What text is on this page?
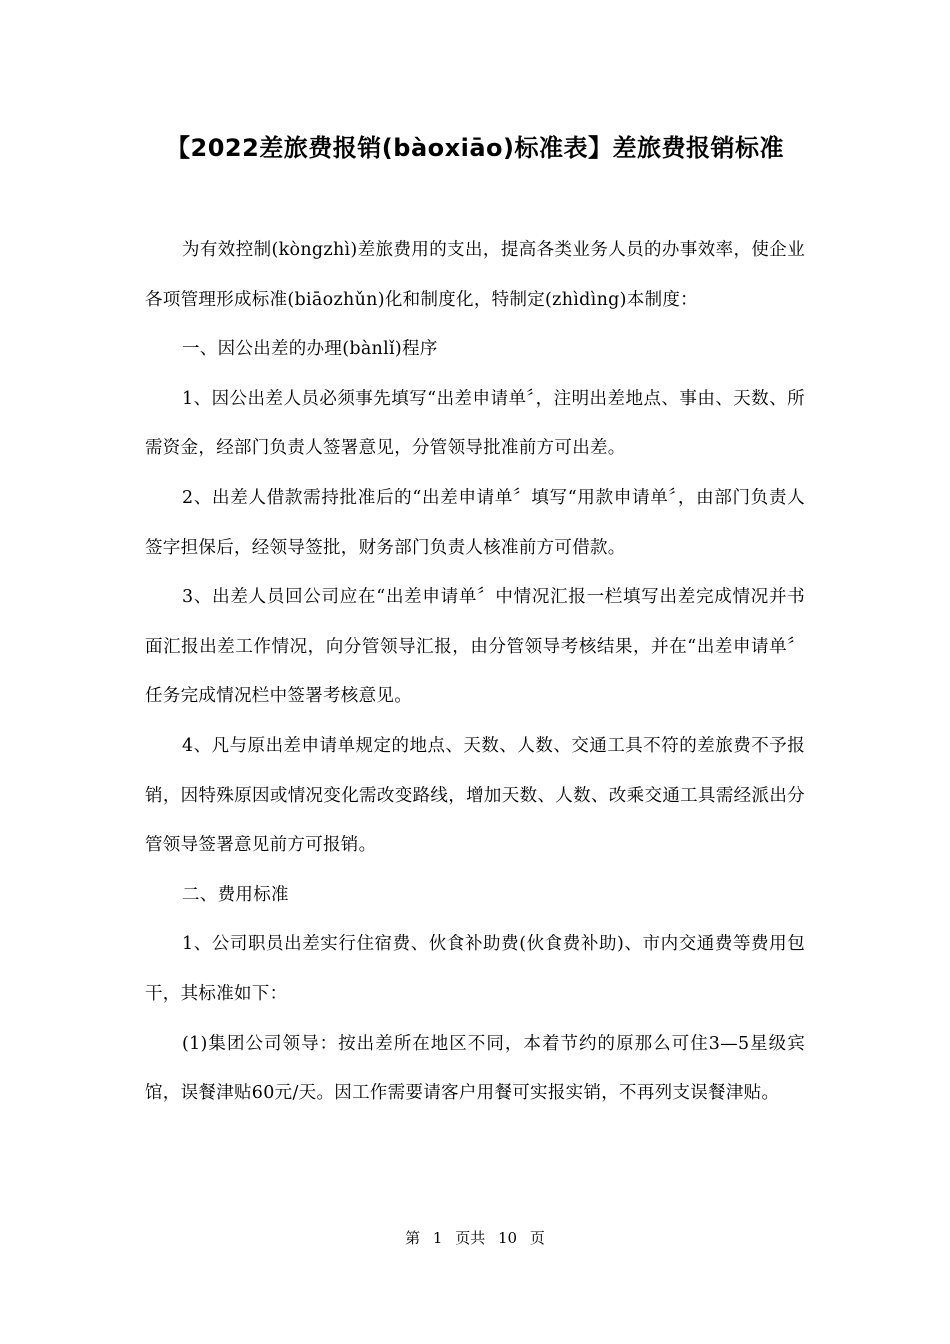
【2022差旅费报销(bàoxiāo)标准表】差旅费报销标准

为有效控制(kòngzhì)差旅费用的支出，提高各类业务人员的办事效率，使企业各项管理形成标准(biāozhǔn)化和制度化，特制定(zhìdìng)本制度：

一、因公出差的办理(bànlǐ)程序

1、因公出差人员必须事先填写“出差申请单〞，注明出差地点、事由、天数、所需资金，经部门负责人签署意见，分管领导批准前方可出差。

2、出差人借款需持批准后的“出差申请单〞填写“用款申请单〞，由部门负责人签字担保后，经领导签批，财务部门负责人核准前方可借款。

3、出差人员回公司应在“出差申请单〞中情况汇报一栏填写出差完成情况并书面汇报出差工作情况，向分管领导汇报，由分管领导考核结果，并在“出差申请单〞任务完成情况栏中签署考核意见。

4、凡与原出差申请单规定的地点、天数、人数、交通工具不符的差旅费不予报销，因特殊原因或情况变化需改变路线，增加天数、人数、改乘交通工具需经派出分管领导签署意见前方可报销。

二、费用标准

1、公司职员出差实行住宿费、伙食补助费(伙食费补助)、市内交通费等费用包干，其标准如下：

(1)集团公司领导：按出差所在地区不同，本着节约的原那么可住3—5星级宾馆，误餐津贴60元/天。因工作需要请客户用餐可实报实销，不再列支误餐津贴。

第 1 页共 10 页
